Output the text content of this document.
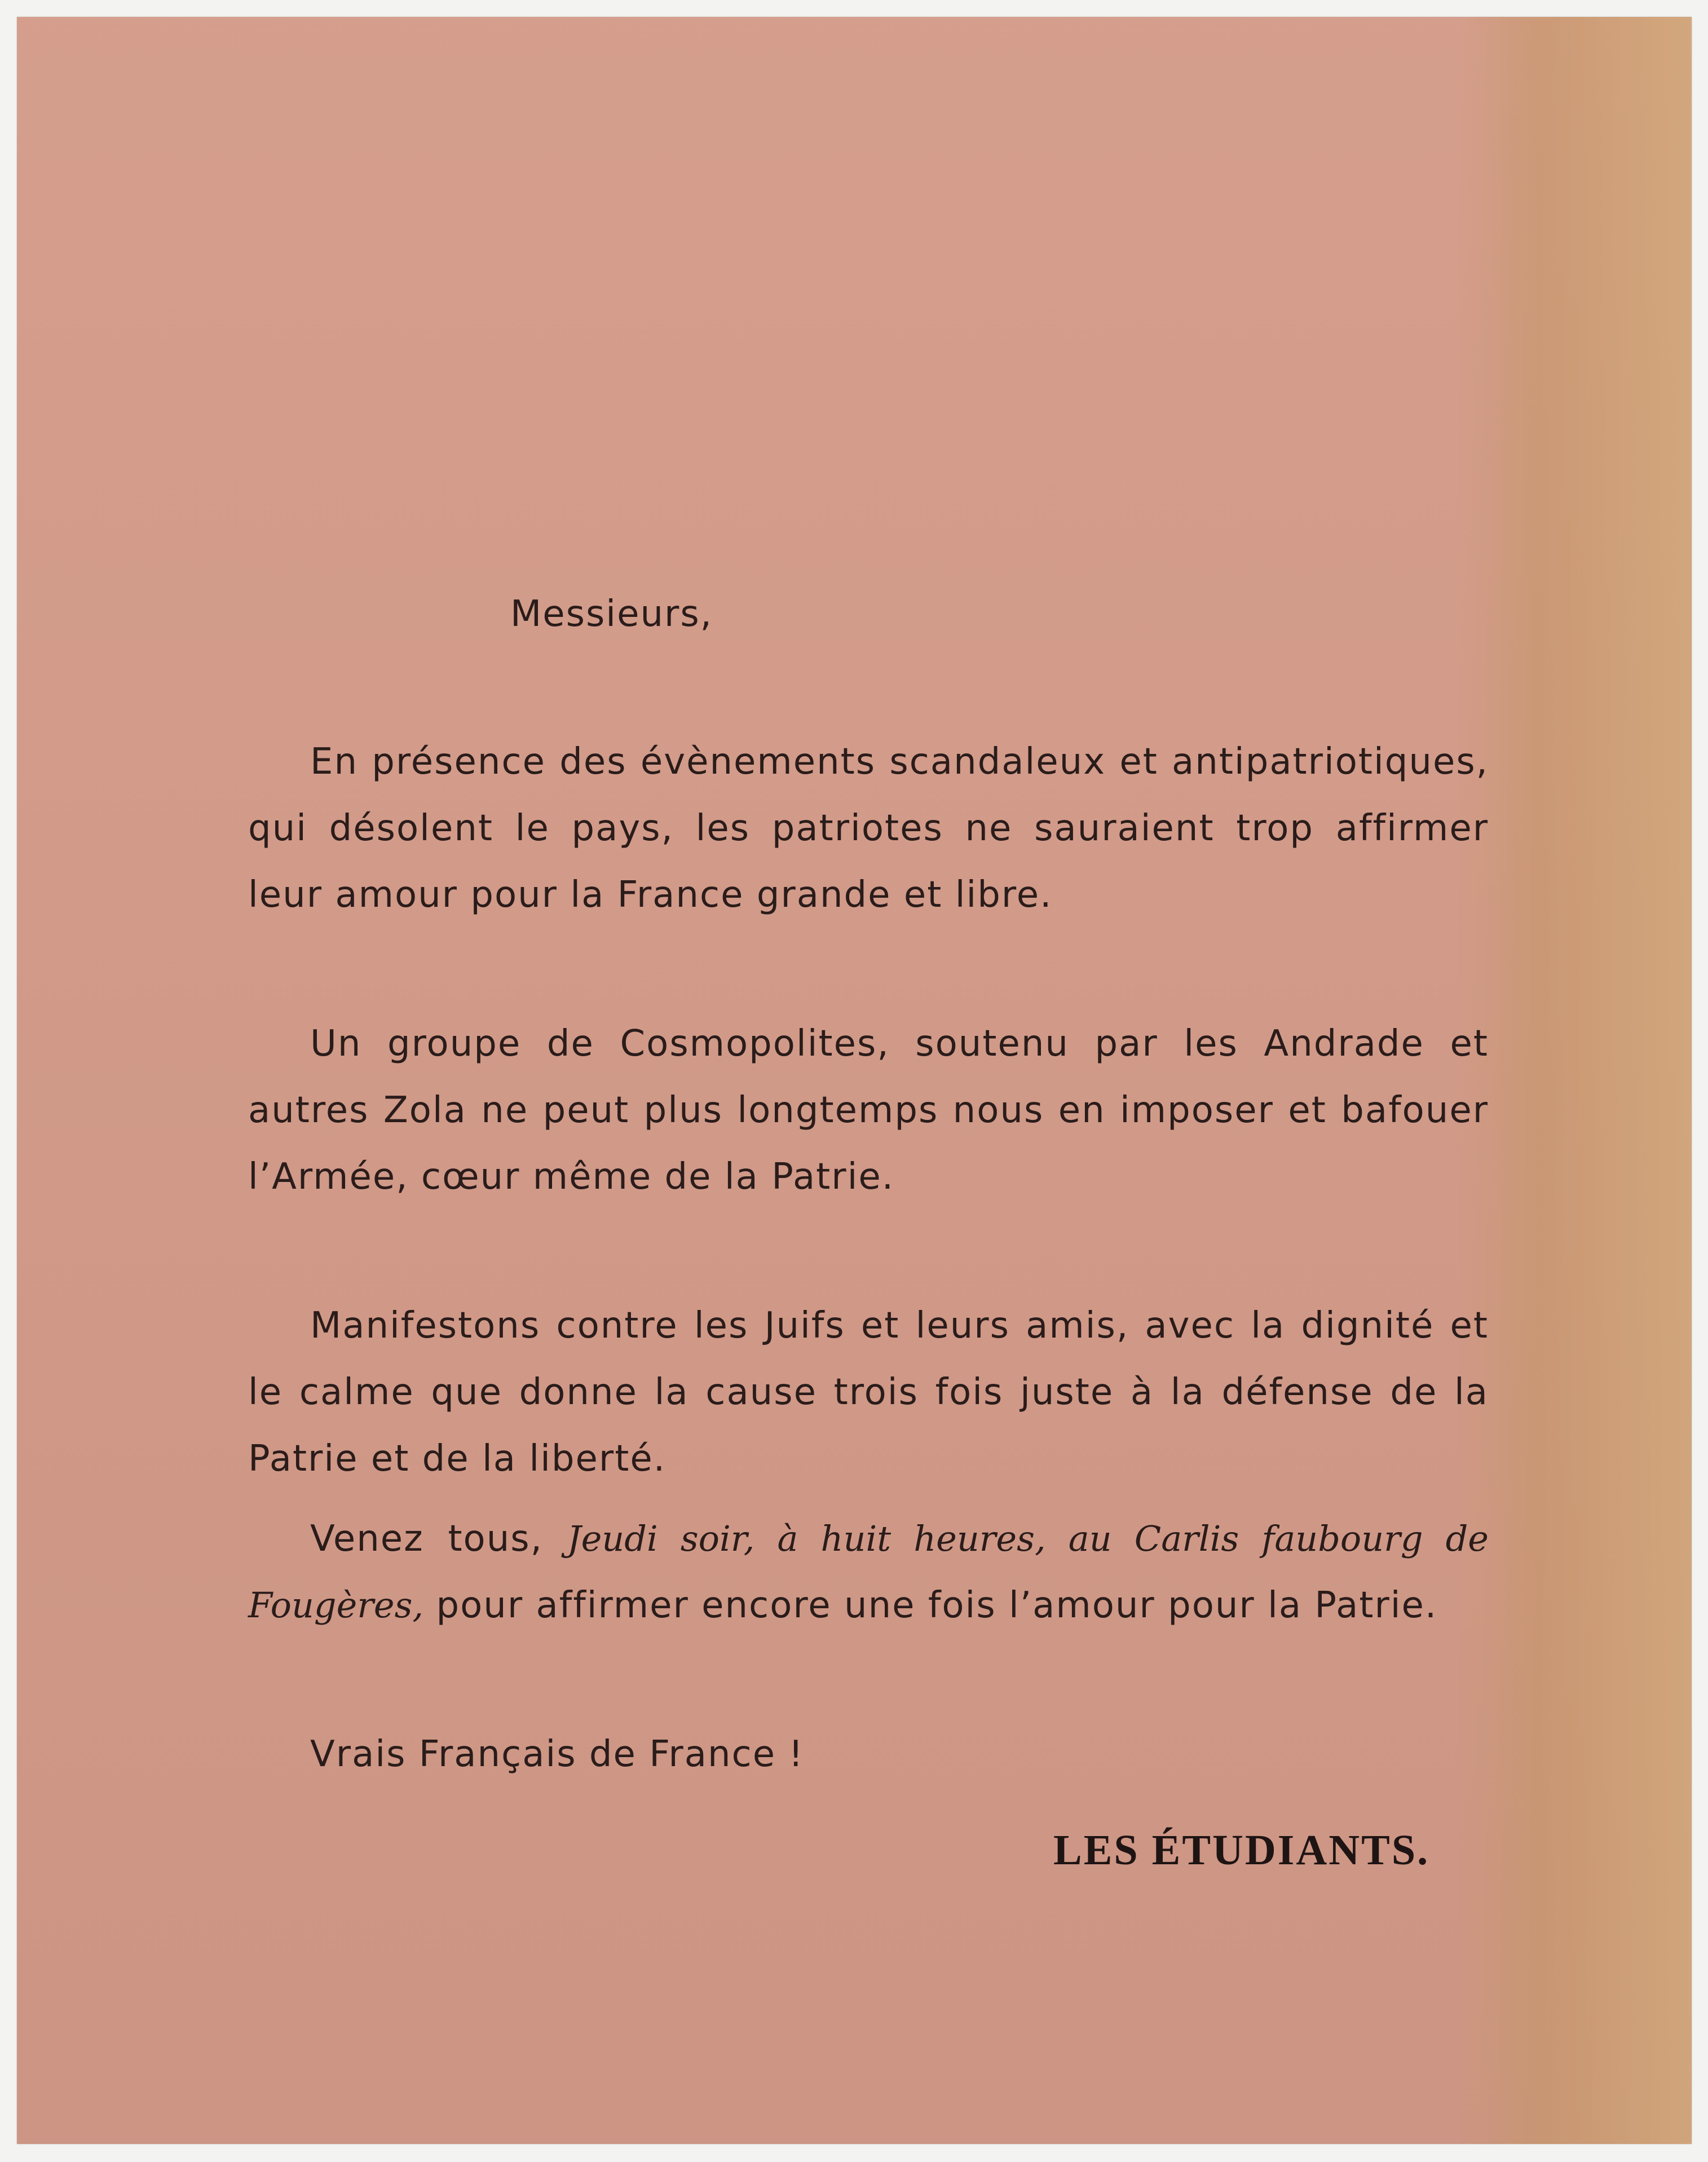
Messieurs,

En présence des évènements scandaleux et antipatriotiques, qui désolent le pays, les patriotes ne sauraient trop affirmer leur amour pour la France grande et libre.

Un groupe de Cosmopolites, soutenu par les Andrade et autres Zola ne peut plus longtemps nous en imposer et bafouer l’Armée, cœur même de la Patrie.

Manifestons contre les Juifs et leurs amis, avec la dignité et le calme que donne la cause trois fois juste à la défense de la Patrie et de la liberté.

Venez tous, Jeudi soir, à huit heures, au Carlis faubourg de Fougères, pour affirmer encore une fois l’amour pour la Patrie.

Vrais Français de France !

LES ÉTUDIANTS.
